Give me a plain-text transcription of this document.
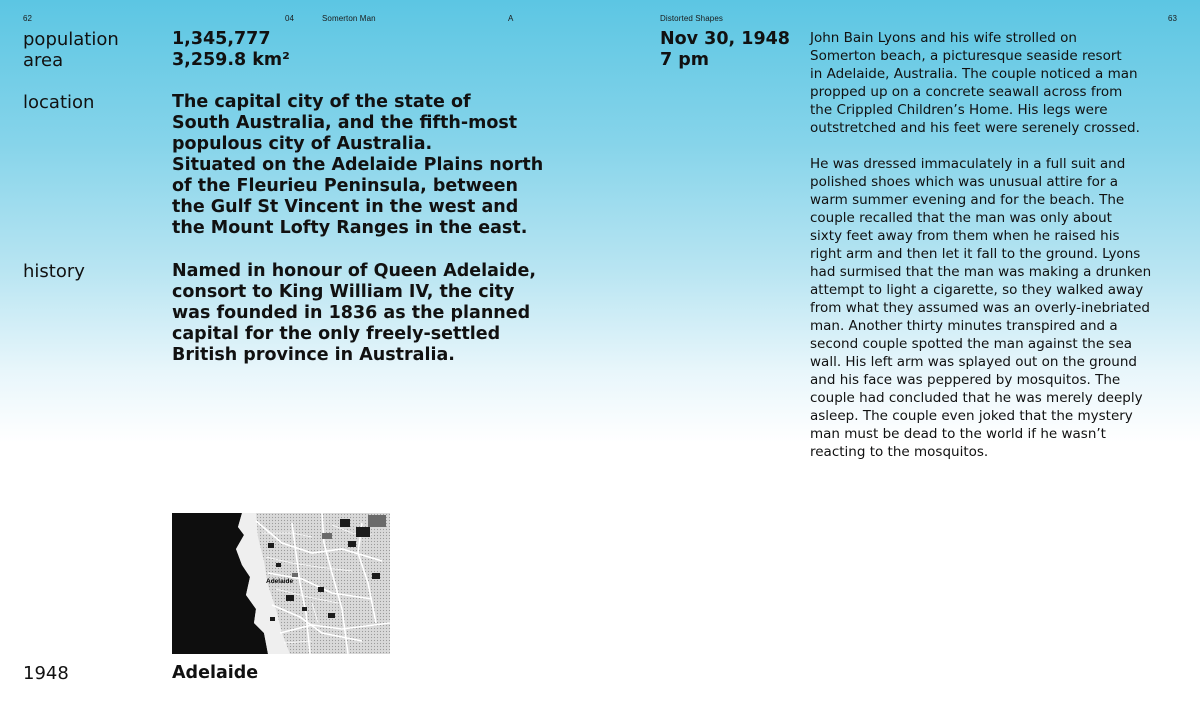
62	04	Somerton Man	A	Distorted Shapes	63
population	1,345,777
area	3,259.8 km²
location	The capital city of the state of
South Australia, and the fifth-most
populous city of Australia.
Situated on the Adelaide Plains north
of the Fleurieu Peninsula, between
the Gulf St Vincent in the west and
the Mount Lofty Ranges in the east.
history	Named in honour of Queen Adelaide,
consort to King William IV, the city
was founded in 1836 as the planned
capital for the only freely-settled
British province in Australia.
Adelaide
1948	Adelaide
Nov 30, 1948
7 pm

John Bain Lyons and his wife strolled on
Somerton beach, a picturesque seaside resort
in Adelaide, Australia. The couple noticed a man
propped up on a concrete seawall across from
the Crippled Children’s Home. His legs were
outstretched and his feet were serenely crossed.

He was dressed immaculately in a full suit and
polished shoes which was unusual attire for a
warm summer evening and for the beach. The
couple recalled that the man was only about
sixty feet away from them when he raised his
right arm and then let it fall to the ground. Lyons
had surmised that the man was making a drunken
attempt to light a cigarette, so they walked away
from what they assumed was an overly-inebriated
man. Another thirty minutes transpired and a
second couple spotted the man against the sea
wall. His left arm was splayed out on the ground
and his face was peppered by mosquitos. The
couple had concluded that he was merely deeply
asleep. The couple even joked that the mystery
man must be dead to the world if he wasn’t
reacting to the mosquitos.
